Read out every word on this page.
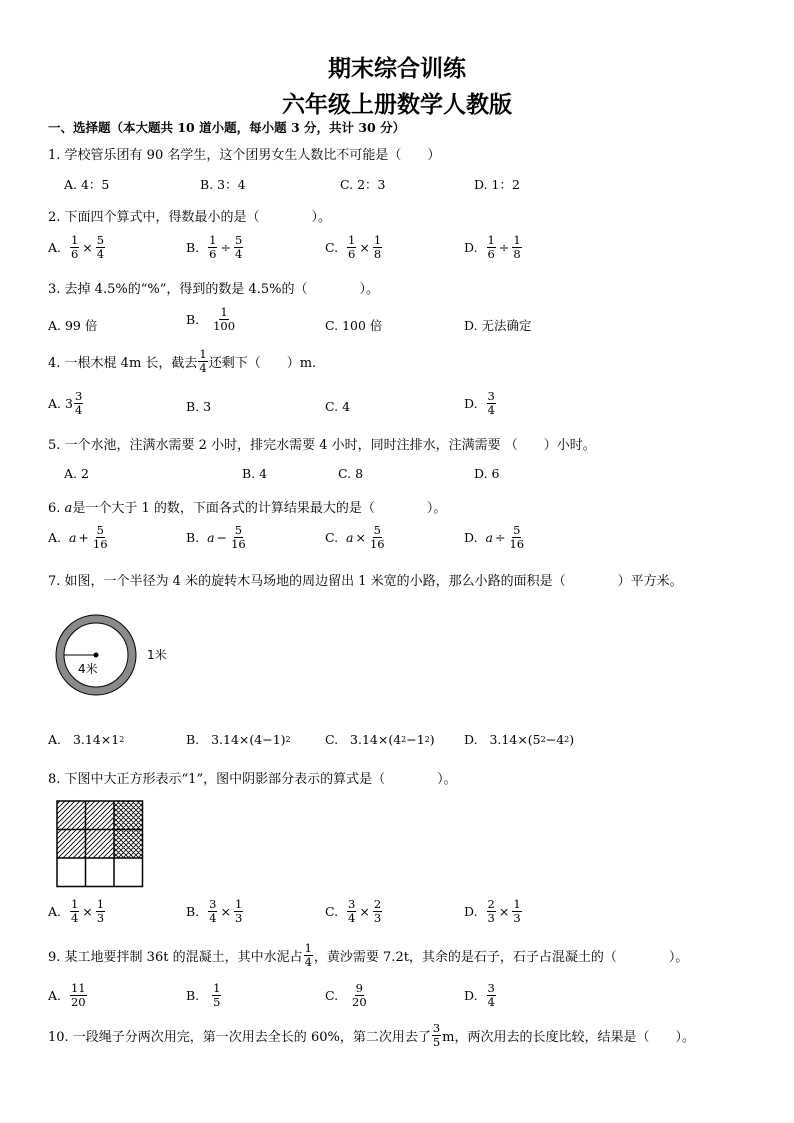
期末综合训练
六年级上册数学人教版
一、选择题（本大题共 10 道小题，每小题 3 分，共计 30 分）
1. 学校管乐团有 90 名学生，这个团男女生人数比不可能是（　　）
A. 4：5	B. 3：4	C. 2：3	D. 1：2
2. 下面四个算式中，得数最小的是（　　　　）。
A.
$\frac{1}{6} \times \frac{5}{4}$	B.
$\frac{1}{6} \div \frac{5}{4}$	C.
$\frac{1}{6} \times \frac{1}{8}$	D.
$\frac{1}{6} \div \frac{1}{8}$
3. 去掉 4.5%的“%”，得到的数是 4.5%的（　　　　）。
A. 99 倍	B.
$\frac{1}{100}$	C. 100 倍	D. 无法确定
4. 一根木棍 4m 长，截去 $\frac{1}{4}$ 还剩下（　　）m.
A. $3 \frac{3}{4}$	B. 3	C. 4	D.
$\frac{3}{4}$
5. 一个水池，注满水需要 2 小时，排完水需要 4 小时，同时注排水，注满需要 （　　）小时。
A. 2	B. 4	C. 8	D. 6
6. a是一个大于 1 的数，下面各式的计算结果最大的是（　　　　）。
A.
$a + \frac{5}{16}$	B.
$a - \frac{5}{16}$	C.
$a \times \frac{5}{16}$	D.
$a \div \frac{5}{16}$
7. 如图，一个半径为 4 米的旋转木马场地的周边留出 1 米宽的小路，那么小路的面积是（　　　　）平方米。
4米
1米
A.
3.14×1 2	B.
3.14×(4−1) 2	C.
3.14×(4 2 −1 2 ) D.
3.14×(5 2 −4 2 )
8. 下图中大正方形表示“1”，图中阴影部分表示的算式是（　　　　）。
A.
$\frac{1}{4} \times \frac{1}{3}$	B.
$\frac{3}{4} \times \frac{1}{3}$	C.
$\frac{3}{4} \times \frac{2}{3}$	D.
$\frac{2}{3} \times \frac{1}{3}$
9. 某工地要拌制 36t 的混凝土，其中水泥占 $\frac{1}{4}$ ，黄沙需要 7.2t，其余的是石子，石子占混凝土的（　　　　）。
A.
$\frac{11}{20}$	B.
$\frac{1}{5}$	C.
$\frac{9}{20}$	D.
$\frac{3}{4}$
10. 一段绳子分两次用完，第一次用去全长的 60%，第二次用去了 $\frac{3}{5}$ m，两次用去的长度比较，结果是（　　）。
